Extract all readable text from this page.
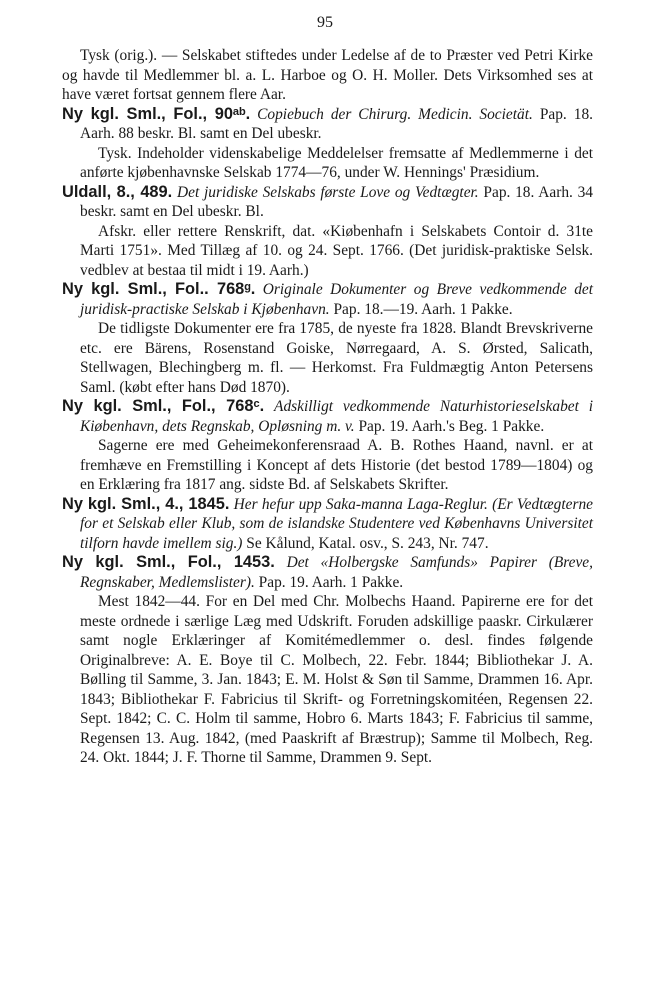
95

Tysk (orig.). — Selskabet stiftedes under Ledelse af de to Præster ved Petri Kirke og havde til Medlemmer bl. a. L. Harboe og O. H. Moller. Dets Virksomhed ses at have været fortsat gennem flere Aar.

Ny kgl. Sml., Fol., 90ᵃᵇ. Copiebuch der Chirurg. Medicin. Societät. Pap. 18. Aarh. 88 beskr. Bl. samt en Del ubeskr.

Tysk. Indeholder videnskabelige Meddelelser fremsatte af Medlemmerne i det anførte kjøbenhavnske Selskab 1774—76, under W. Hennings' Præsidium.

Uldall, 8., 489. Det juridiske Selskabs første Love og Vedtægter. Pap. 18. Aarh. 34 beskr. samt en Del ubeskr. Bl.

Afskr. eller rettere Renskrift, dat. «Kiøbenhafn i Selskabets Contoir d. 31te Marti 1751». Med Tillæg af 10. og 24. Sept. 1766. (Det juridisk-praktiske Selsk. vedblev at bestaa til midt i 19. Aarh.)

Ny kgl. Sml., Fol.. 768ᵍ. Originale Dokumenter og Breve vedkommende det juridisk-practiske Selskab i Kjøbenhavn. Pap. 18.—19. Aarh. 1 Pakke.

De tidligste Dokumenter ere fra 1785, de nyeste fra 1828. Blandt Brevskriverne etc. ere Bärens, Rosenstand Goiske, Nørregaard, A. S. Ørsted, Salicath, Stellwagen, Blechingberg m. fl. — Herkomst. Fra Fuldmægtig Anton Petersens Saml. (købt efter hans Død 1870).

Ny kgl. Sml., Fol., 768ᶜ. Adskilligt vedkommende Naturhistorieselskabet i Kiøbenhavn, dets Regnskab, Opløsning m. v. Pap. 19. Aarh.'s Beg. 1 Pakke.

Sagerne ere med Geheimekonferensraad A. B. Rothes Haand, navnl. er at fremhæve en Fremstilling i Koncept af dets Historie (det bestod 1789—1804) og en Erklæring fra 1817 ang. sidste Bd. af Selskabets Skrifter.

Ny kgl. Sml., 4., 1845. Her hefur upp Saka-manna Laga-Reglur. (Er Vedtægterne for et Selskab eller Klub, som de islandske Studentere ved Københavns Universitet tilforn havde imellem sig.) Se Kålund, Katal. osv., S. 243, Nr. 747.

Ny kgl. Sml., Fol., 1453. Det «Holbergske Samfunds» Papirer (Breve, Regnskaber, Medlemslister). Pap. 19. Aarh. 1 Pakke.

Mest 1842—44. For en Del med Chr. Molbechs Haand. Papirerne ere for det meste ordnede i særlige Læg med Udskrift. Foruden adskillige paaskr. Cirkulærer samt nogle Erklæringer af Komitémedlemmer o. desl. findes følgende Originalbreve: A. E. Boye til C. Molbech, 22. Febr. 1844; Bibliothekar J. A. Bølling til Samme, 3. Jan. 1843; E. M. Holst & Søn til Samme, Drammen 16. Apr. 1843; Bibliothekar F. Fabricius til Skrift- og Forretningskomitéen, Regensen 22. Sept. 1842; C. C. Holm til samme, Hobro 6. Marts 1843; F. Fabricius til samme, Regensen 13. Aug. 1842, (med Paaskrift af Bræstrup); Samme til Molbech, Reg. 24. Okt. 1844; J. F. Thorne til Samme, Drammen 9. Sept.
